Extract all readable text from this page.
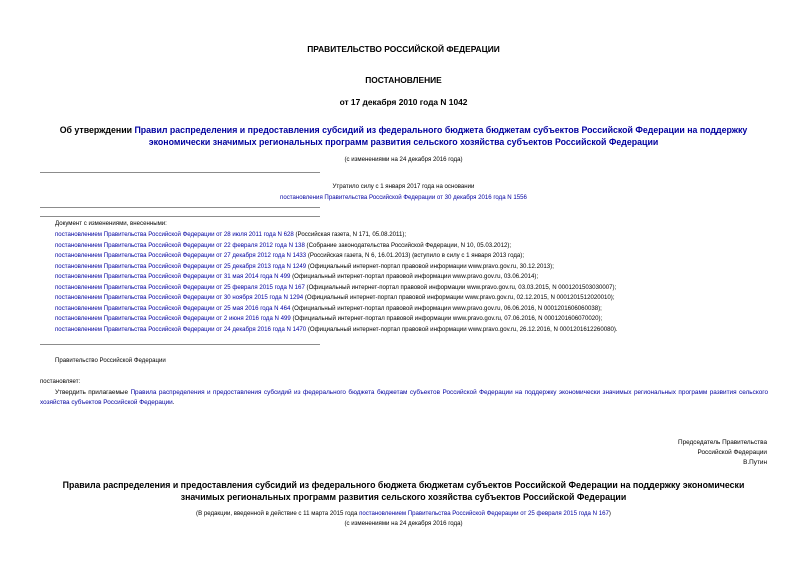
ПРАВИТЕЛЬСТВО РОССИЙСКОЙ ФЕДЕРАЦИИ
ПОСТАНОВЛЕНИЕ
от 17 декабря 2010 года N 1042
Об утверждении Правил распределения и предоставления субсидий из федерального бюджета бюджетам субъектов Российской Федерации на поддержку
экономически значимых региональных программ развития сельского хозяйства субъектов Российской Федерации
(с изменениями на 24 декабря 2016 года)
Утратило силу с 1 января 2017 года на основании
постановления Правительства Российской Федерации от 30 декабря 2016 года N 1556
Документ с изменениями, внесенными:
постановлением Правительства Российской Федерации от 28 июля 2011 года N 628 (Российская газета, N 171, 05.08.2011);
постановлением Правительства Российской Федерации от 22 февраля 2012 года N 138 (Собрание законодательства Российской Федерации, N 10, 05.03.2012);
постановлением Правительства Российской Федерации от 27 декабря 2012 года N 1433 (Российская газета, N 6, 16.01.2013) (вступило в силу с 1 января 2013 года);
постановлением Правительства Российской Федерации от 25 декабря 2013 года N 1249 (Официальный интернет-портал правовой информации www.pravo.gov.ru, 30.12.2013);
постановлением Правительства Российской Федерации от 31 мая 2014 года N 499 (Официальный интернет-портал правовой информации www.pravo.gov.ru, 03.06.2014);
постановлением Правительства Российской Федерации от 25 февраля 2015 года N 167 (Официальный интернет-портал правовой информации www.pravo.gov.ru, 03.03.2015, N 0001201503030007);
постановлением Правительства Российской Федерации от 30 ноября 2015 года N 1294 (Официальный интернет-портал правовой информации www.pravo.gov.ru, 02.12.2015, N 0001201512020010);
постановлением Правительства Российской Федерации от 25 мая 2016 года N 464 (Официальный интернет-портал правовой информации www.pravo.gov.ru, 06.06.2016, N 0001201606060038);
постановлением Правительства Российской Федерации от 2 июня 2016 года N 499 (Официальный интернет-портал правовой информации www.pravo.gov.ru, 07.06.2016, N 0001201606070020);
постановлением Правительства Российской Федерации от 24 декабря 2016 года N 1470 (Официальный интернет-портал правовой информации www.pravo.gov.ru, 26.12.2016, N 0001201612260080).
Правительство Российской Федерации
постановляет:
Утвердить прилагаемые Правила распределения и предоставления субсидий из федерального бюджета бюджетам субъектов Российской Федерации на поддержку экономически значимых региональных программ развития сельского хозяйства субъектов Российской Федерации.
Председатель Правительства
Российской Федерации
В.Путин
Правила распределения и предоставления субсидий из федерального бюджета бюджетам субъектов Российской Федерации на поддержку экономически
значимых региональных программ развития сельского хозяйства субъектов Российской Федерации
(В редакции, введенной в действие с 11 марта 2015 года постановлением Правительства Российской Федерации от 25 февраля 2015 года N 167)
(с изменениями на 24 декабря 2016 года)
